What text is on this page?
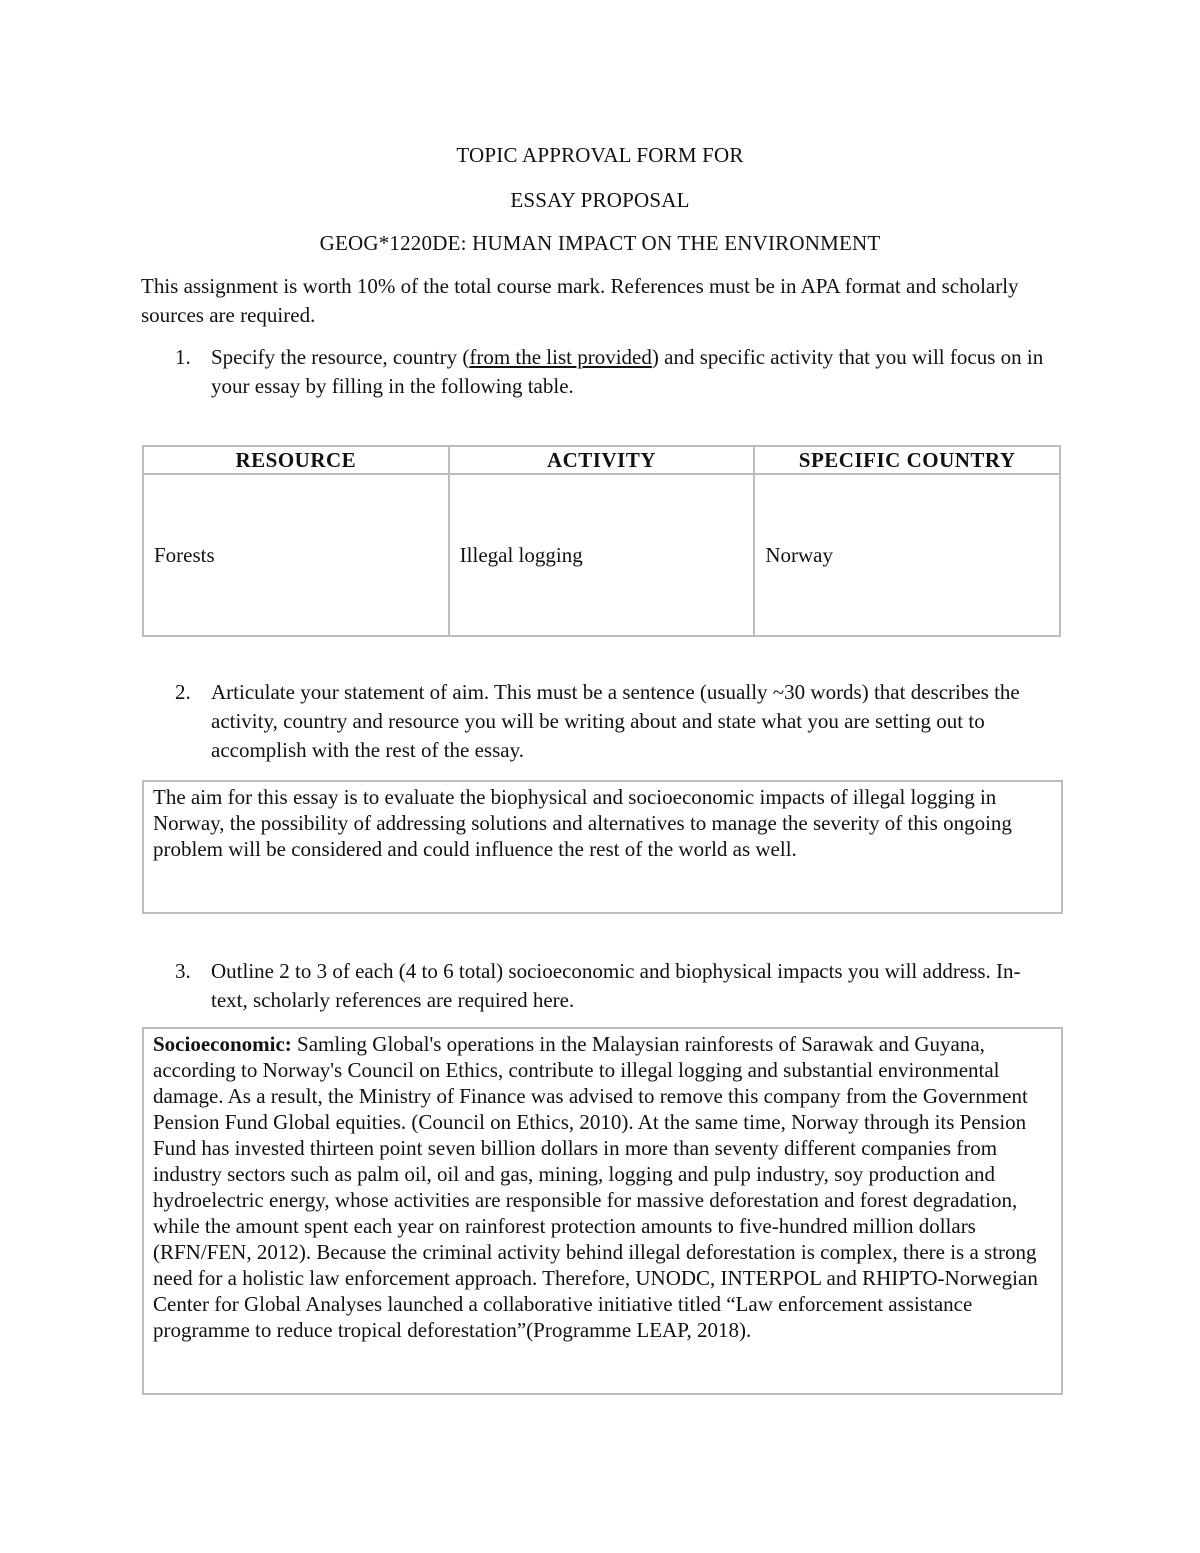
TOPIC APPROVAL FORM FOR
ESSAY PROPOSAL
GEOG*1220DE: HUMAN IMPACT ON THE ENVIRONMENT
This assignment is worth 10% of the total course mark. References must be in APA format and scholarly sources are required.
1. Specify the resource, country (from the list provided) and specific activity that you will focus on in your essay by filling in the following table.
RESOURCE	ACTIVITY	SPECIFIC COUNTRY
Forests	Illegal logging	Norway
2. Articulate your statement of aim. This must be a sentence (usually ~30 words) that describes the activity, country and resource you will be writing about and state what you are setting out to accomplish with the rest of the essay.
The aim for this essay is to evaluate the biophysical and socioeconomic impacts of illegal logging in Norway, the possibility of addressing solutions and alternatives to manage the severity of this ongoing problem will be considered and could influence the rest of the world as well.
3. Outline 2 to 3 of each (4 to 6 total) socioeconomic and biophysical impacts you will address. In-text, scholarly references are required here.
Socioeconomic: Samling Global's operations in the Malaysian rainforests of Sarawak and Guyana, according to Norway's Council on Ethics, contribute to illegal logging and substantial environmental damage. As a result, the Ministry of Finance was advised to remove this company from the Government Pension Fund Global equities. (Council on Ethics, 2010). At the same time, Norway through its Pension Fund has invested thirteen point seven billion dollars in more than seventy different companies from industry sectors such as palm oil, oil and gas, mining, logging and pulp industry, soy production and hydroelectric energy, whose activities are responsible for massive deforestation and forest degradation, while the amount spent each year on rainforest protection amounts to five-hundred million dollars (RFN/FEN, 2012). Because the criminal activity behind illegal deforestation is complex, there is a strong need for a holistic law enforcement approach. Therefore, UNODC, INTERPOL and RHIPTO-Norwegian Center for Global Analyses launched a collaborative initiative titled “Law enforcement assistance programme to reduce tropical deforestation”(Programme LEAP, 2018).
